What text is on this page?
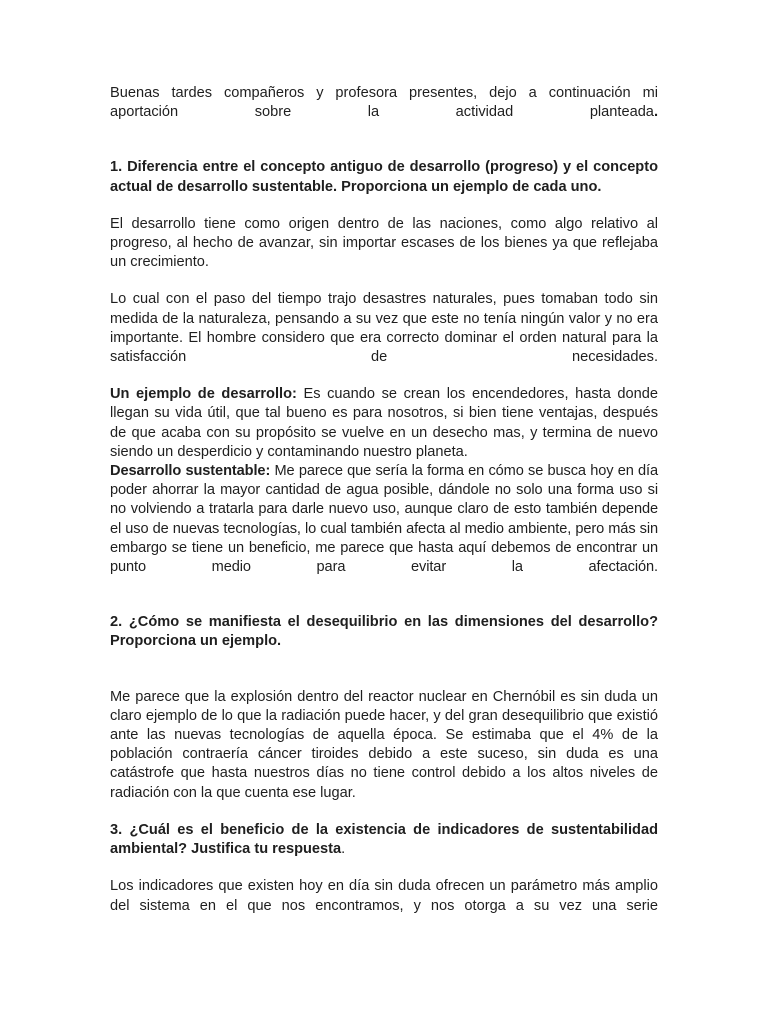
Buenas tardes compañeros y profesora presentes, dejo a continuación mi aportación sobre la actividad planteada.

1. Diferencia entre el concepto antiguo de desarrollo (progreso) y el concepto actual de desarrollo sustentable. Proporciona un ejemplo de cada uno.

El desarrollo tiene como origen dentro de las naciones, como algo relativo al progreso, al hecho de avanzar, sin importar escases de los bienes ya que reflejaba un crecimiento.

Lo cual con el paso del tiempo trajo desastres naturales, pues tomaban todo sin medida de la naturaleza, pensando a su vez que este no tenía ningún valor y no era importante. El hombre considero que era correcto dominar el orden natural para la satisfacción de necesidades.

Un ejemplo de desarrollo: Es cuando se crean los encendedores, hasta donde llegan su vida útil, que tal bueno es para nosotros, si bien tiene ventajas, después de que acaba con su propósito se vuelve en un desecho mas, y termina de nuevo siendo un desperdicio y contaminando nuestro planeta.

Desarrollo sustentable: Me parece que sería la forma en cómo se busca hoy en día poder ahorrar la mayor cantidad de agua posible, dándole no solo una forma uso si no volviendo a tratarla para darle nuevo uso, aunque claro de esto también depende el uso de nuevas tecnologías, lo cual también afecta al medio ambiente, pero más sin embargo se tiene un beneficio, me parece que hasta aquí debemos de encontrar un punto medio para evitar la afectación.

2. ¿Cómo se manifiesta el desequilibrio en las dimensiones del desarrollo? Proporciona un ejemplo.

Me parece que la explosión dentro del reactor nuclear en Chernóbil es sin duda un claro ejemplo de lo que la radiación puede hacer, y del gran desequilibrio que existió ante las nuevas tecnologías de aquella época. Se estimaba que el 4% de la población contraería cáncer tiroides debido a este suceso, sin duda es una catástrofe que hasta nuestros días no tiene control debido a los altos niveles de radiación con la que cuenta ese lugar.

3. ¿Cuál es el beneficio de la existencia de indicadores de sustentabilidad ambiental? Justifica tu respuesta.

Los indicadores que existen hoy en día sin duda ofrecen un parámetro más amplio del sistema en el que nos encontramos, y nos otorga a su vez una serie
